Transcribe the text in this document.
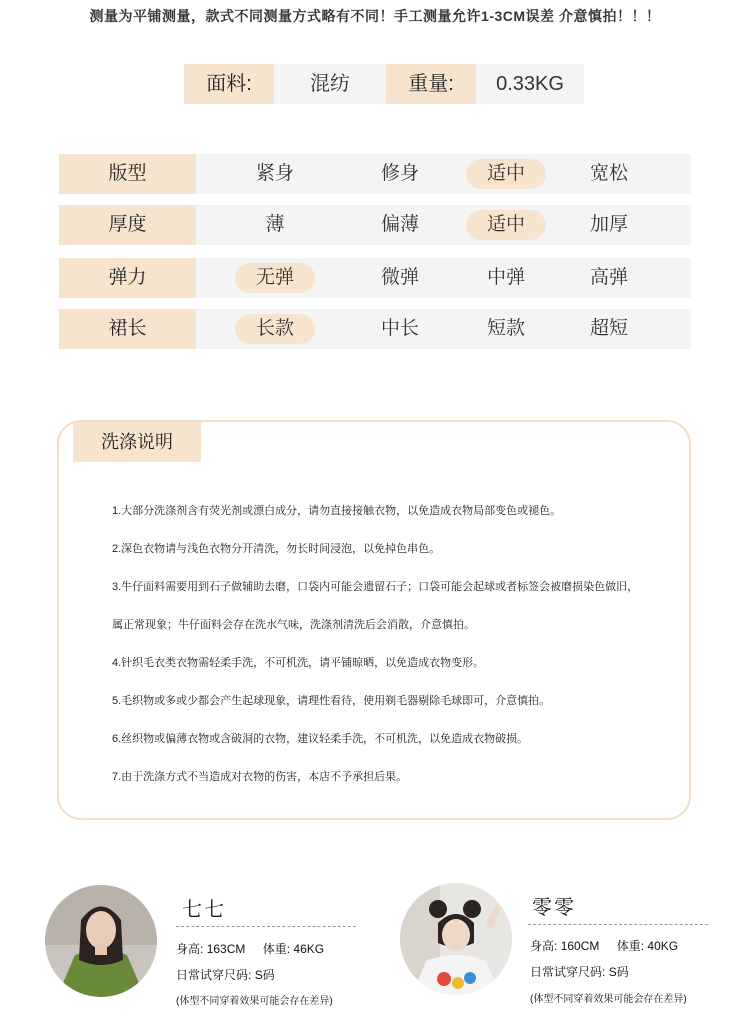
测量为平铺测量，款式不同测量方式略有不同！手工测量允许1-3CM误差 介意慎拍！！！
面料:	混纺	重量:	0.33KG
版型	紧身	修身	适中	宽松
厚度	薄	偏薄	适中	加厚
弹力	无弹	微弹	中弹	高弹
裙长	长款	中长	短款	超短
洗涤说明
1.大部分洗涤剂含有荧光剂或漂白成分，请勿直接接触衣物，以免造成衣物局部变色或褪色。
2.深色衣物请与浅色衣物分开清洗，勿长时间浸泡，以免掉色串色。
3.牛仔面料需要用到石子做辅助去磨，口袋内可能会遗留石子；口袋可能会起球或者标签会被磨损染色做旧，
属正常现象；牛仔面料会存在洗水气味，洗涤剂清洗后会消散，介意慎拍。
4.针织毛衣类衣物需轻柔手洗，不可机洗，请平铺晾晒，以免造成衣物变形。
5.毛织物或多或少都会产生起球现象，请理性看待，使用剃毛器剔除毛球即可，介意慎拍。
6.丝织物或偏薄衣物或含破洞的衣物，建议轻柔手洗，不可机洗，以免造成衣物破损。
7.由于洗涤方式不当造成对衣物的伤害，本店不予承担后果。
七七
身高: 163CM 体重: 46KG
日常试穿尺码: S码
(体型不同穿着效果可能会存在差异)
零零
身高: 160CM 体重: 40KG
日常试穿尺码: S码
(体型不同穿着效果可能会存在差异)
